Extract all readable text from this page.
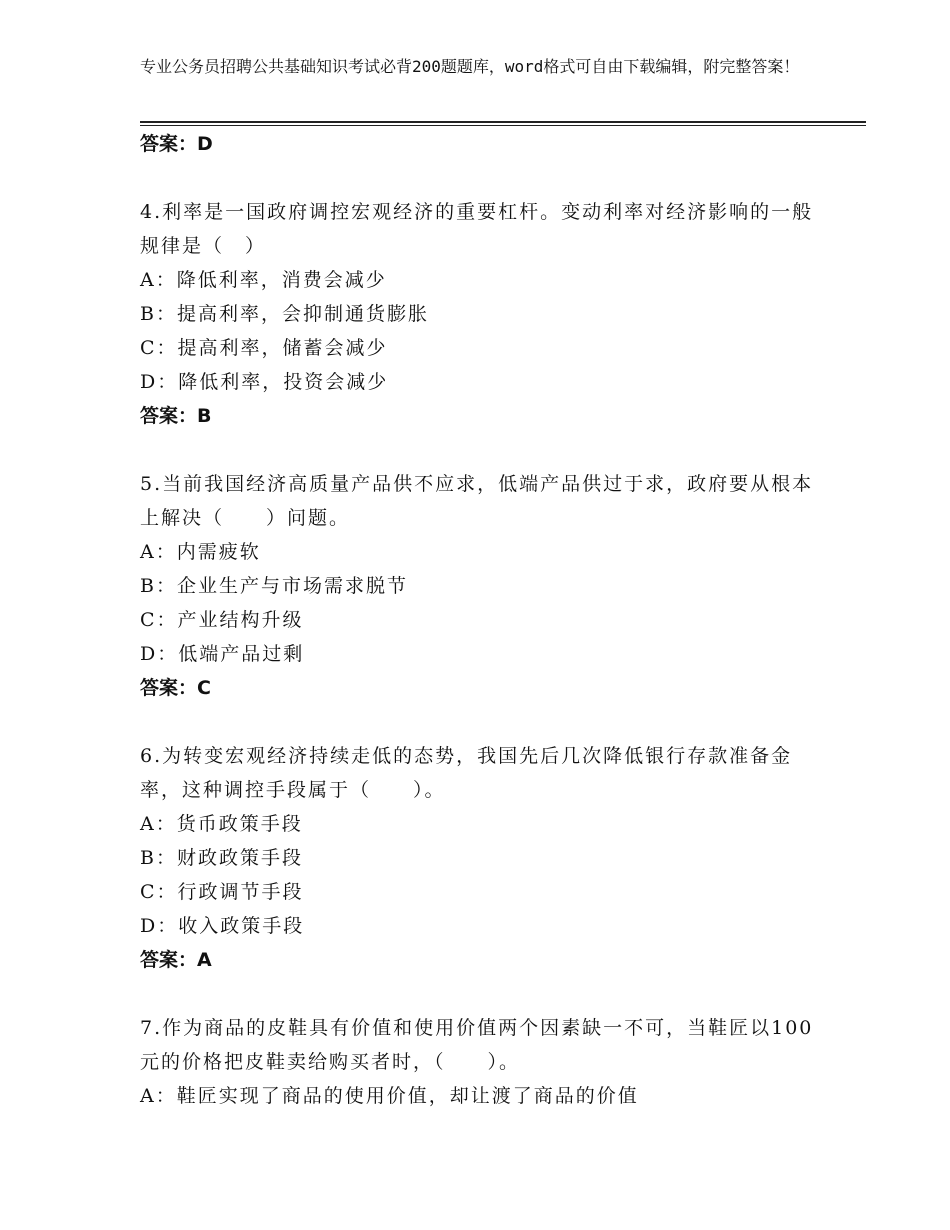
专业公务员招聘公共基础知识考试必背200题题库，word格式可自由下载编辑，附完整答案！

答案：D

4.利率是一国政府调控宏观经济的重要杠杆。变动利率对经济影响的一般规律是（　）

A：降低利率，消费会减少

B：提高利率，会抑制通货膨胀

C：提高利率，储蓄会减少

D：降低利率，投资会减少

答案：B

5.当前我国经济高质量产品供不应求，低端产品供过于求，政府要从根本上解决（　　）问题。

A：内需疲软

B：企业生产与市场需求脱节

C：产业结构升级

D：低端产品过剩

答案：C

6.为转变宏观经济持续走低的态势，我国先后几次降低银行存款准备金率，这种调控手段属于（　　）。

A：货币政策手段

B：财政政策手段

C：行政调节手段

D：收入政策手段

答案：A

7.作为商品的皮鞋具有价值和使用价值两个因素缺一不可，当鞋匠以100元的价格把皮鞋卖给购买者时，（　　）。

A：鞋匠实现了商品的使用价值，却让渡了商品的价值
